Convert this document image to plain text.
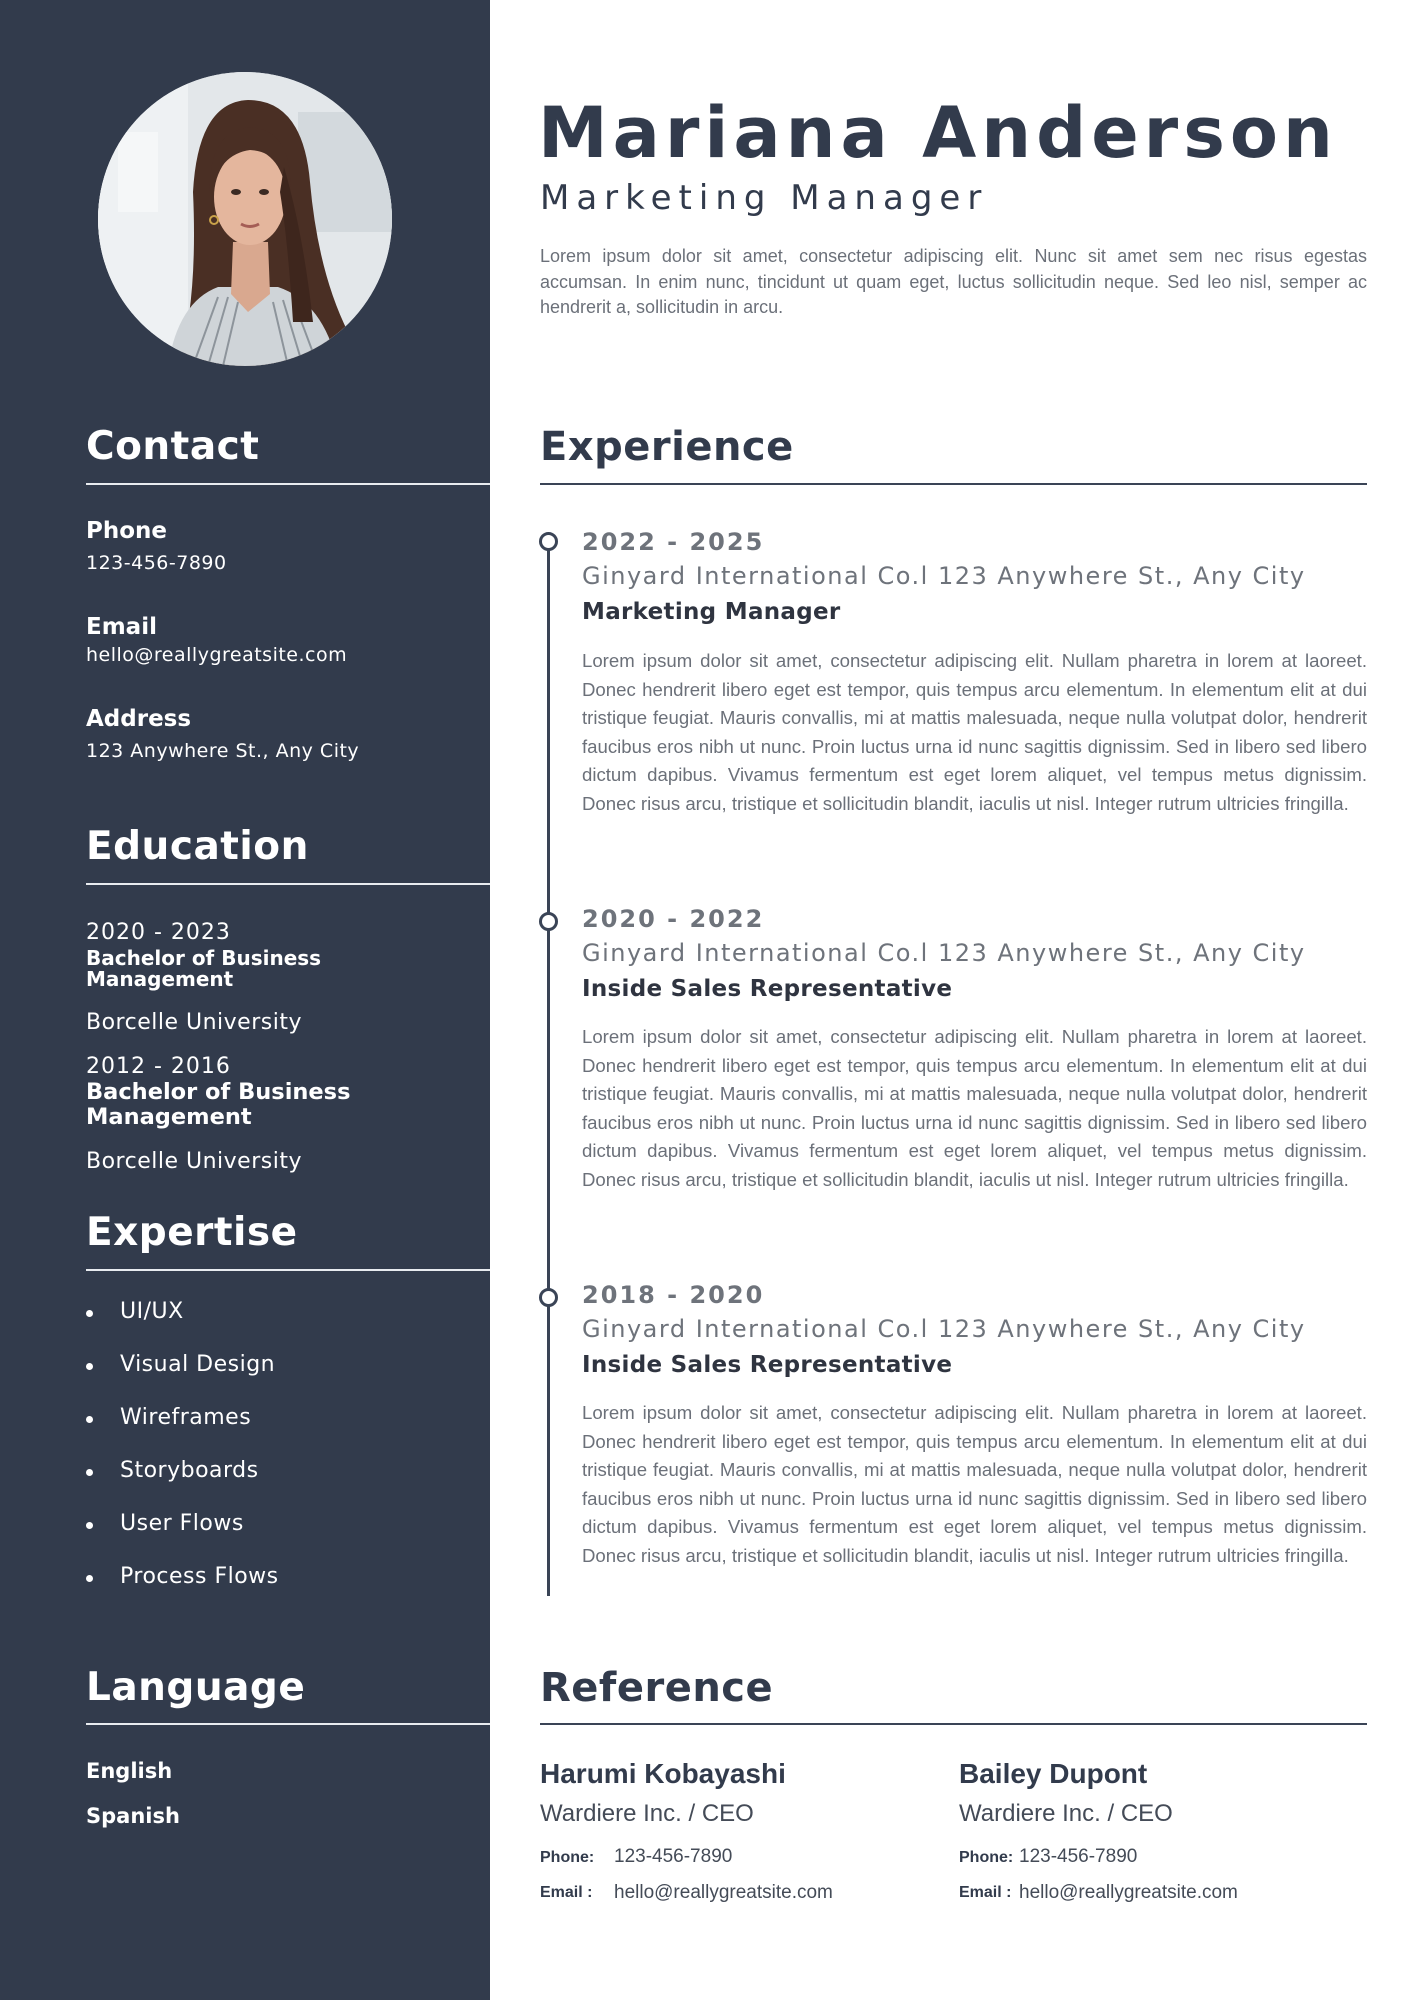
Contact
Phone
123-456-7890
Email
hello@reallygreatsite.com
Address
123 Anywhere St., Any City
Education
2020 - 2023
Bachelor of Business Management
Borcelle University
2012 - 2016
Bachelor of Business Management
Borcelle University
Expertise
UI/UX
Visual Design
Wireframes
Storyboards
User Flows
Process Flows
Language
English
Spanish
Mariana Anderson
Marketing Manager
Lorem ipsum dolor sit amet, consectetur adipiscing elit. Nunc sit amet sem nec risus egestas accumsan. In enim nunc, tincidunt ut quam eget, luctus sollicitudin neque. Sed leo nisl, semper ac hendrerit a, sollicitudin in arcu.
Experience
2022 - 2025
Ginyard International Co.l 123 Anywhere St., Any City
Marketing Manager
Lorem ipsum dolor sit amet, consectetur adipiscing elit. Nullam pharetra in lorem at laoreet. Donec hendrerit libero eget est tempor, quis tempus arcu elementum. In elementum elit at dui tristique feugiat. Mauris convallis, mi at mattis malesuada, neque nulla volutpat dolor, hendrerit faucibus eros nibh ut nunc. Proin luctus urna id nunc sagittis dignissim. Sed in libero sed libero dictum dapibus. Vivamus fermentum est eget lorem aliquet, vel tempus metus dignissim. Donec risus arcu, tristique et sollicitudin blandit, iaculis ut nisl. Integer rutrum ultricies fringilla.
2020 - 2022
Ginyard International Co.l 123 Anywhere St., Any City
Inside Sales Representative
Lorem ipsum dolor sit amet, consectetur adipiscing elit. Nullam pharetra in lorem at laoreet. Donec hendrerit libero eget est tempor, quis tempus arcu elementum. In elementum elit at dui tristique feugiat. Mauris convallis, mi at mattis malesuada, neque nulla volutpat dolor, hendrerit faucibus eros nibh ut nunc. Proin luctus urna id nunc sagittis dignissim. Sed in libero sed libero dictum dapibus. Vivamus fermentum est eget lorem aliquet, vel tempus metus dignissim. Donec risus arcu, tristique et sollicitudin blandit, iaculis ut nisl. Integer rutrum ultricies fringilla.
2018 - 2020
Ginyard International Co.l 123 Anywhere St., Any City
Inside Sales Representative
Lorem ipsum dolor sit amet, consectetur adipiscing elit. Nullam pharetra in lorem at laoreet. Donec hendrerit libero eget est tempor, quis tempus arcu elementum. In elementum elit at dui tristique feugiat. Mauris convallis, mi at mattis malesuada, neque nulla volutpat dolor, hendrerit faucibus eros nibh ut nunc. Proin luctus urna id nunc sagittis dignissim. Sed in libero sed libero dictum dapibus. Vivamus fermentum est eget lorem aliquet, vel tempus metus dignissim. Donec risus arcu, tristique et sollicitudin blandit, iaculis ut nisl. Integer rutrum ultricies fringilla.
Reference
Harumi Kobayashi
Wardiere Inc. / CEO
Phone: 123-456-7890
Email : hello@reallygreatsite.com
Bailey Dupont
Wardiere Inc. / CEO
Phone: 123-456-7890
Email : hello@reallygreatsite.com
